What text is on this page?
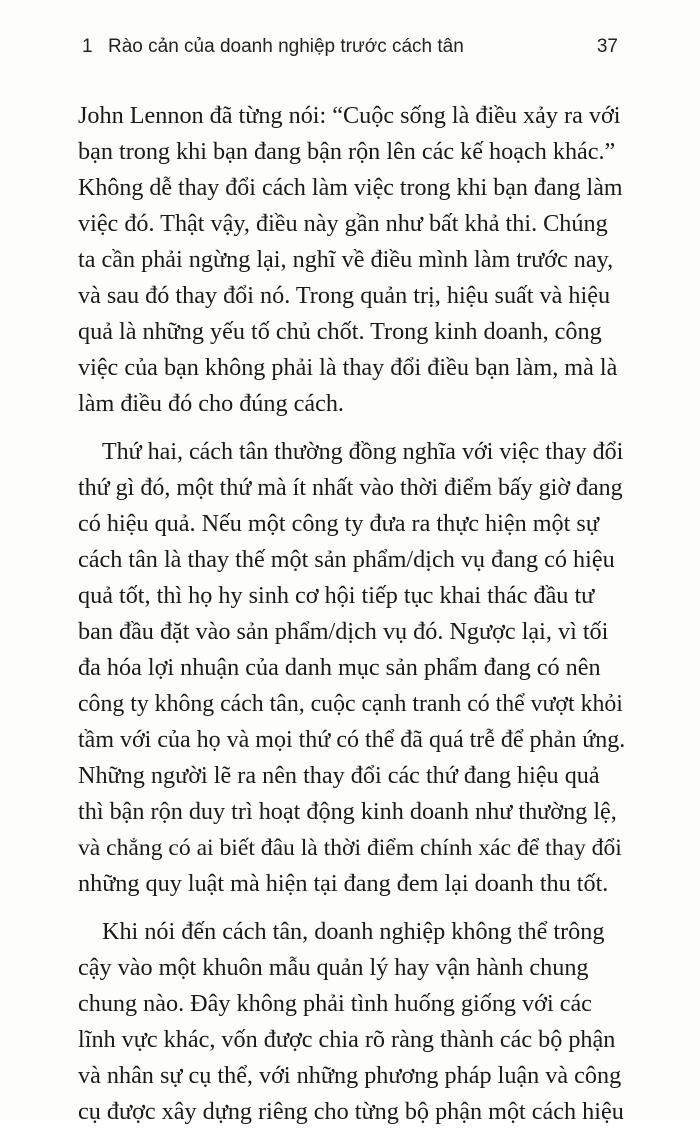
1 Rào cản của doanh nghiệp trước cách tân	37

John Lennon đã từng nói: “Cuộc sống là điều xảy ra với
bạn trong khi bạn đang bận rộn lên các kế hoạch khác.”
Không dễ thay đổi cách làm việc trong khi bạn đang làm
việc đó. Thật vậy, điều này gần như bất khả thi. Chúng
ta cần phải ngừng lại, nghĩ về điều mình làm trước nay,
và sau đó thay đổi nó. Trong quản trị, hiệu suất và hiệu
quả là những yếu tố chủ chốt. Trong kinh doanh, công
việc của bạn không phải là thay đổi điều bạn làm, mà là
làm điều đó cho đúng cách.

Thứ hai, cách tân thường đồng nghĩa với việc thay đổi
thứ gì đó, một thứ mà ít nhất vào thời điểm bấy giờ đang
có hiệu quả. Nếu một công ty đưa ra thực hiện một sự
cách tân là thay thế một sản phẩm/dịch vụ đang có hiệu
quả tốt, thì họ hy sinh cơ hội tiếp tục khai thác đầu tư
ban đầu đặt vào sản phẩm/dịch vụ đó. Ngược lại, vì tối
đa hóa lợi nhuận của danh mục sản phẩm đang có nên
công ty không cách tân, cuộc cạnh tranh có thể vượt khỏi
tầm với của họ và mọi thứ có thể đã quá trễ để phản ứng.
Những người lẽ ra nên thay đổi các thứ đang hiệu quả
thì bận rộn duy trì hoạt động kinh doanh như thường lệ,
và chẳng có ai biết đâu là thời điểm chính xác để thay đổi
những quy luật mà hiện tại đang đem lại doanh thu tốt.

Khi nói đến cách tân, doanh nghiệp không thể trông
cậy vào một khuôn mẫu quản lý hay vận hành chung
chung nào. Đây không phải tình huống giống với các
lĩnh vực khác, vốn được chia rõ ràng thành các bộ phận
và nhân sự cụ thể, với những phương pháp luận và công
cụ được xây dựng riêng cho từng bộ phận một cách hiệu
